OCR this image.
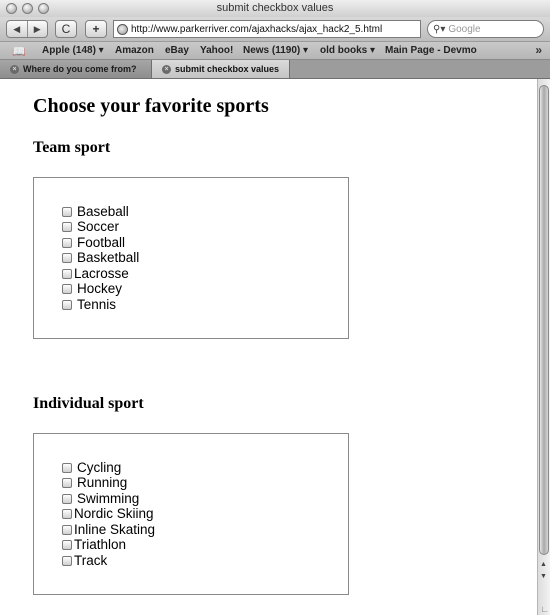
submit checkbox values
◀	▶	C	+	http://www.parkerriver.com/ajaxhacks/ajax_hack2_5.html	⚲▾ Google
📖 Apple (148) ▾ Amazon eBay Yahoo! News (1190) ▾ old books ▾ Main Page - Devmo	»
× Where do you come from?	× submit checkbox values
Choose your favorite sports
Team sport
Baseball
Soccer
Football
Basketball
Lacrosse
Hockey
Tennis
Individual sport
Cycling
Running
Swimming
Nordic Skiing
Inline Skating
Triathlon
Track	▲
▼
∟
